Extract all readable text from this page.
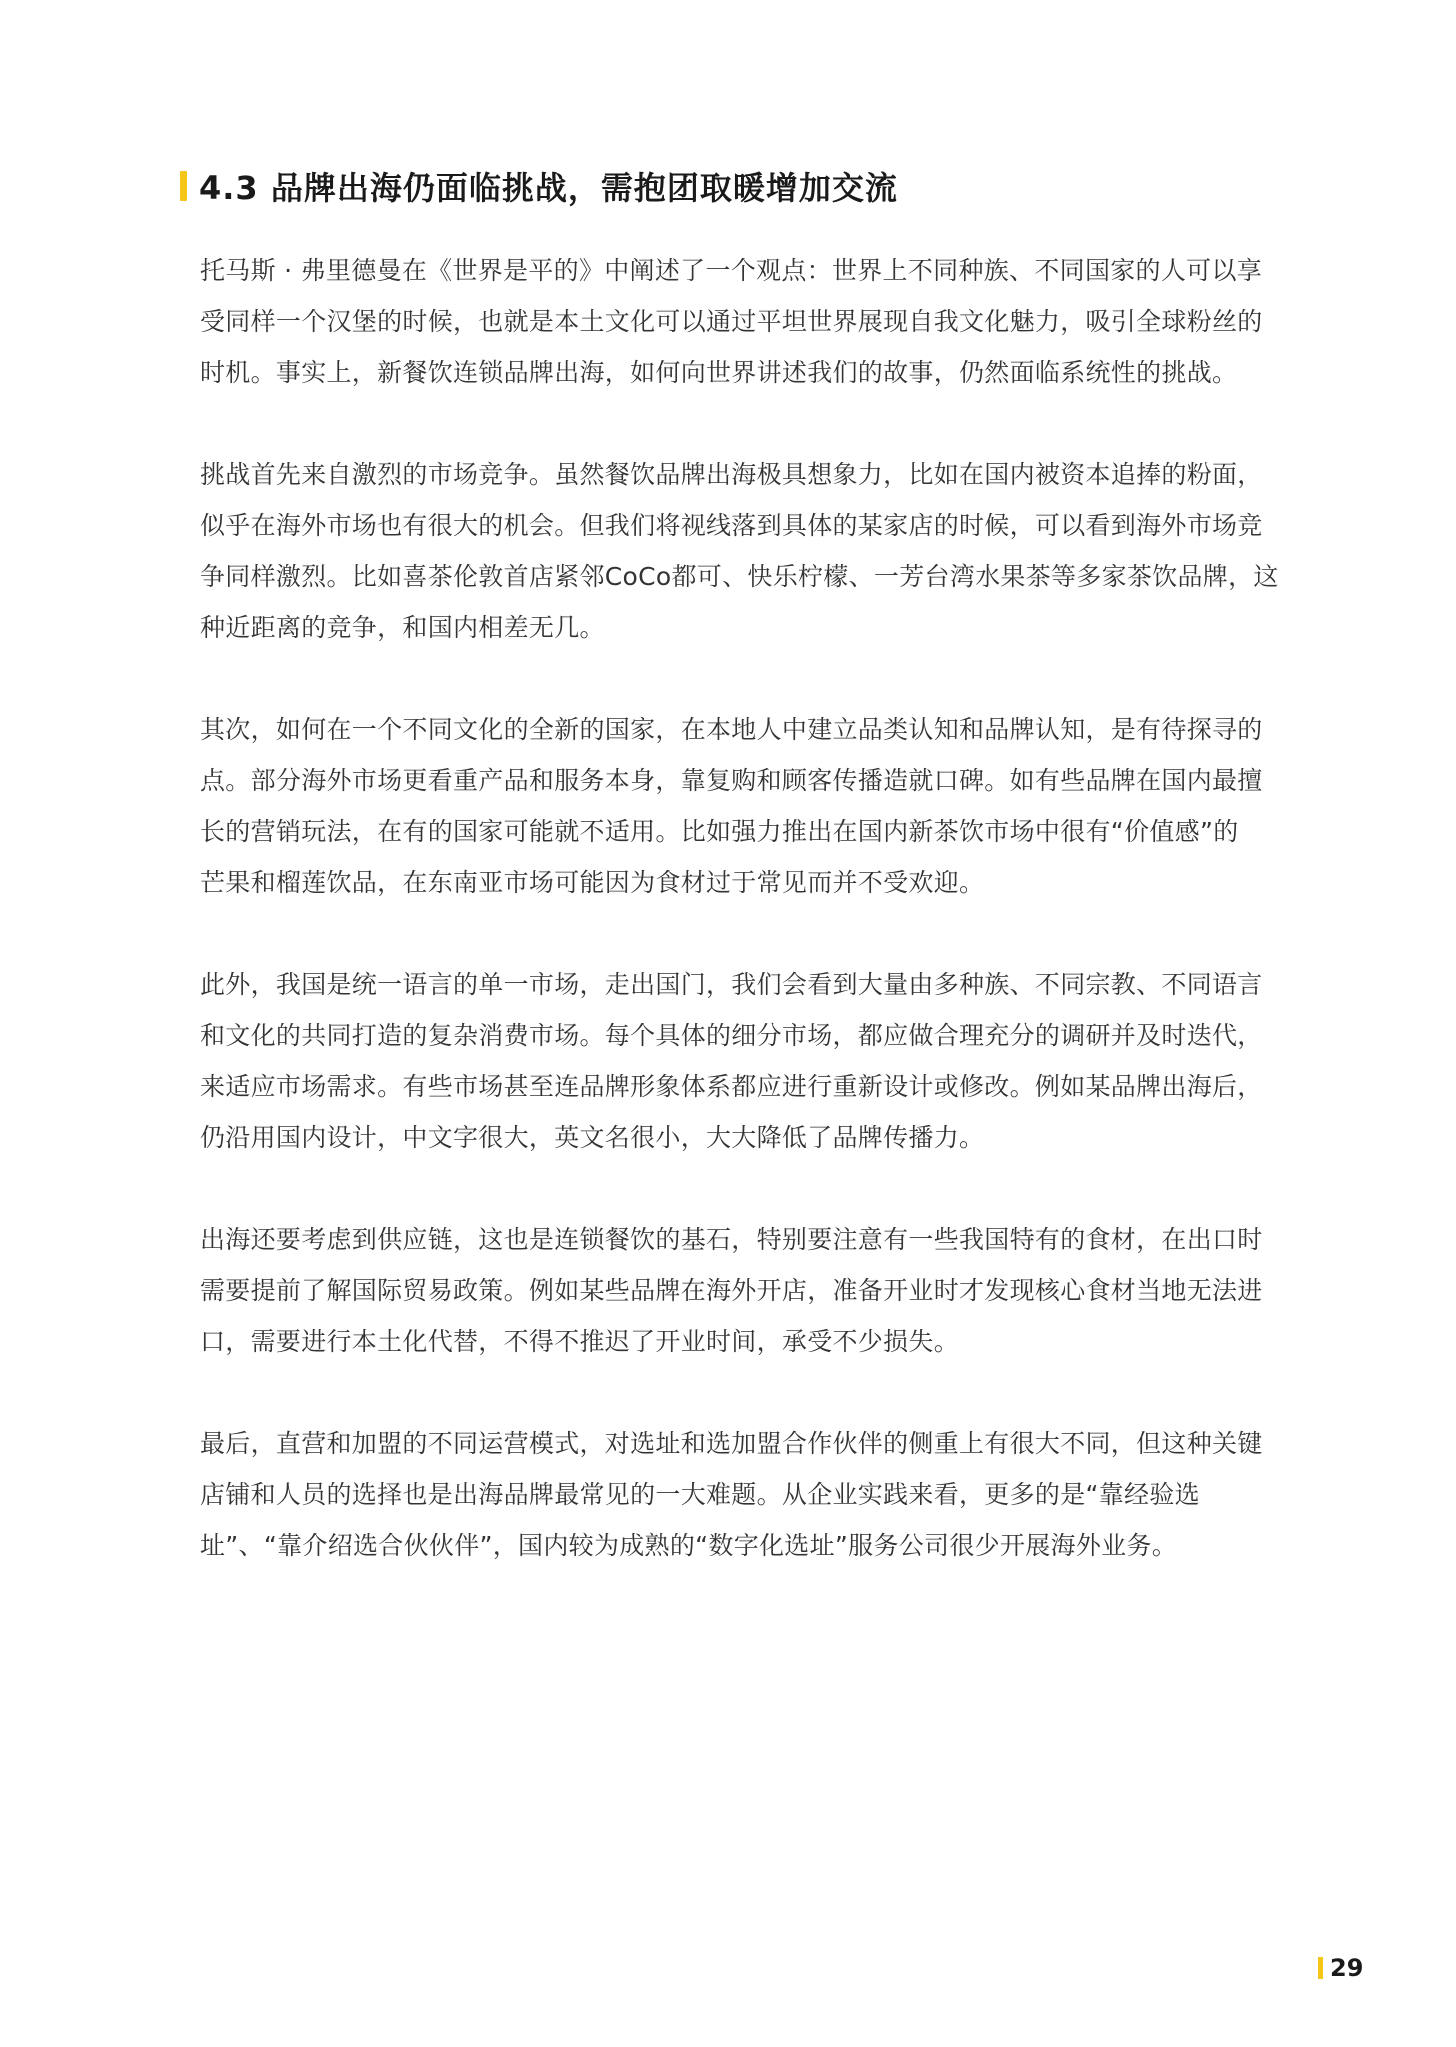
4.3 品牌出海仍面临挑战，需抱团取暖增加交流
托马斯 · 弗里德曼在《世界是平的》中阐述了一个观点：世界上不同种族、不同国家的人可以享
受同样一个汉堡的时候，也就是本土文化可以通过平坦世界展现自我文化魅力，吸引全球粉丝的
时机。事实上，新餐饮连锁品牌出海，如何向世界讲述我们的故事，仍然面临系统性的挑战。
挑战首先来自激烈的市场竞争。虽然餐饮品牌出海极具想象力，比如在国内被资本追捧的粉面，
似乎在海外市场也有很大的机会。但我们将视线落到具体的某家店的时候，可以看到海外市场竞
争同样激烈。比如喜茶伦敦首店紧邻CoCo都可、快乐柠檬、一芳台湾水果茶等多家茶饮品牌，这
种近距离的竞争，和国内相差无几。
其次，如何在一个不同文化的全新的国家，在本地人中建立品类认知和品牌认知，是有待探寻的
点。部分海外市场更看重产品和服务本身，靠复购和顾客传播造就口碑。如有些品牌在国内最擅
长的营销玩法，在有的国家可能就不适用。比如强力推出在国内新茶饮市场中很有“价值感”的
芒果和榴莲饮品，在东南亚市场可能因为食材过于常见而并不受欢迎。
此外，我国是统一语言的单一市场，走出国门，我们会看到大量由多种族、不同宗教、不同语言
和文化的共同打造的复杂消费市场。每个具体的细分市场，都应做合理充分的调研并及时迭代，
来适应市场需求。有些市场甚至连品牌形象体系都应进行重新设计或修改。例如某品牌出海后，
仍沿用国内设计，中文字很大，英文名很小，大大降低了品牌传播力。
出海还要考虑到供应链，这也是连锁餐饮的基石，特别要注意有一些我国特有的食材，在出口时
需要提前了解国际贸易政策。例如某些品牌在海外开店，准备开业时才发现核心食材当地无法进
口，需要进行本土化代替，不得不推迟了开业时间，承受不少损失。
最后，直营和加盟的不同运营模式，对选址和选加盟合作伙伴的侧重上有很大不同，但这种关键
店铺和人员的选择也是出海品牌最常见的一大难题。从企业实践来看，更多的是“靠经验选
址”、“靠介绍选合伙伙伴”，国内较为成熟的“数字化选址”服务公司很少开展海外业务。
29
